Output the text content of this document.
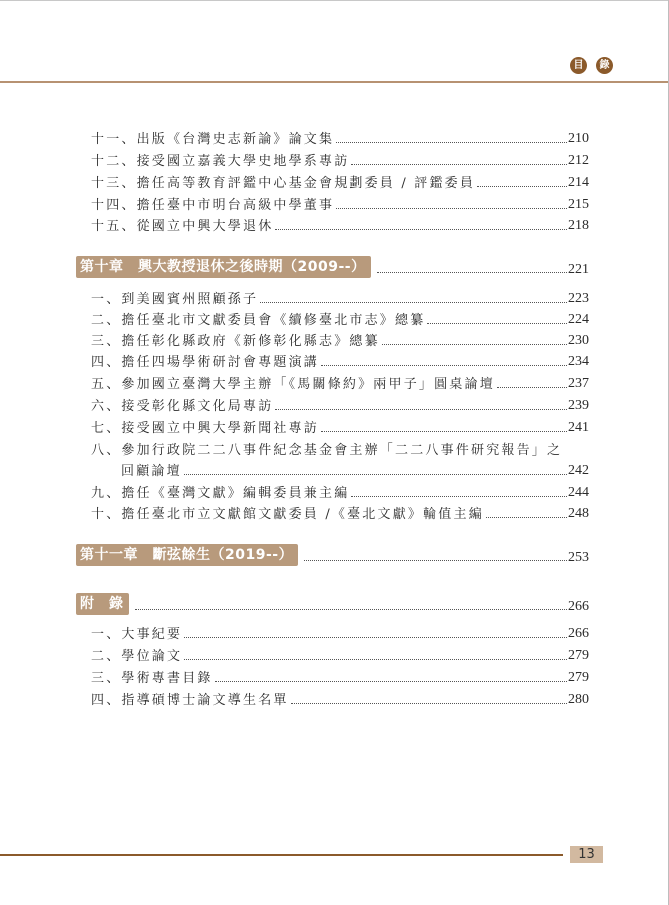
目	錄
十一、出版《台灣史志新論》論文集	210
十二、接受國立嘉義大學史地學系專訪	212
十三、擔任高等教育評鑑中心基金會規劃委員 / 評鑑委員	214
十四、擔任臺中市明台高級中學董事	215
十五、從國立中興大學退休	218
第十章　興大教授退休之後時期（2009--）	221
一、到美國賓州照顧孫子	223
二、擔任臺北市文獻委員會《續修臺北市志》總纂	224
三、擔任彰化縣政府《新修彰化縣志》總纂	230
四、擔任四場學術研討會專題演講	234
五、參加國立臺灣大學主辦「《馬關條約》兩甲子」圓桌論壇	237
六、接受彰化縣文化局專訪	239
七、接受國立中興大學新聞社專訪	241
八、參加行政院二二八事件紀念基金會主辦「二二八事件研究報告」之
回顧論壇	242
九、擔任《臺灣文獻》編輯委員兼主編	244
十、擔任臺北市立文獻館文獻委員 /《臺北文獻》輪值主編	248
第十一章　斷弦餘生（2019--）	253
附　錄	266
一、大事紀要	266
二、學位論文	279
三、學術專書目錄	279
四、指導碩博士論文導生名單	280
13
